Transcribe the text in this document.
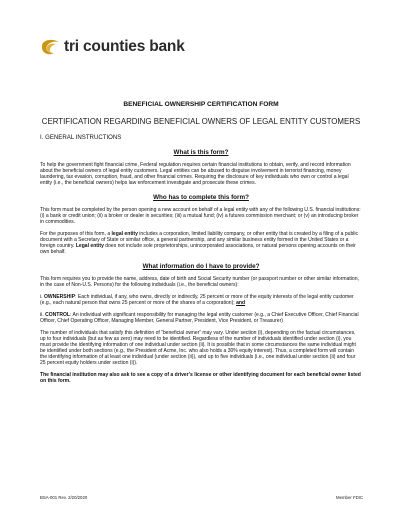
tri counties bank

BENEFICIAL OWNERSHIP CERTIFICATION FORM

CERTIFICATION REGARDING BENEFICIAL OWNERS OF LEGAL ENTITY CUSTOMERS

I. GENERAL INSTRUCTIONS

What is this form?

To help the government fight financial crime, Federal regulation requires certain financial institutions to obtain, verify, and record information about the beneficial owners of legal entity customers. Legal entities can be abused to disguise involvement in terrorist financing, money laundering, tax evasion, corruption, fraud, and other financial crimes. Requiring the disclosure of key individuals who own or control a legal entity (i.e., the beneficial owners) helps law enforcement investigate and prosecute these crimes.

Who has to complete this form?

This form must be completed by the person opening a new account on behalf of a legal entity with any of the following U.S. financial institutions: (i) a bank or credit union; (ii) a broker or dealer in securities; (iii) a mutual fund; (iv) a futures commission merchant; or (v) an introducing broker in commodities.

For the purposes of this form, a legal entity includes a corporation, limited liability company, or other entity that is created by a filing of a public document with a Secretary of State or similar office, a general partnership, and any similar business entity formed in the United States or a foreign country. Legal entity does not include sole proprietorships, unincorporated associations, or natural persons opening accounts on their own behalf.

What information do I have to provide?

This form requires you to provide the name, address, date of birth and Social Security number (or passport number or other similar information, in the case of Non-U.S. Persons) for the following individuals (i.e., the beneficial owners):

i. OWNERSHIP: Each individual, if any, who owns, directly or indirectly, 25 percent or more of the equity interests of the legal entity customer (e.g., each natural person that owns 25 percent or more of the shares of a corporation); and

ii. CONTROL: An individual with significant responsibility for managing the legal entity customer (e.g., a Chief Executive Officer, Chief Financial Officer, Chief Operating Officer, Managing Member, General Partner, President, Vice President, or Treasurer)

The number of individuals that satisfy this definition of “beneficial owner” may vary. Under section (i), depending on the factual circumstances, up to four individuals (but as few as zero) may need to be identified. Regardless of the number of individuals identified under section (i), you must provide the identifying information of one individual under section (ii). It is possible that in some circumstances the same individual might be identified under both sections (e.g., the President of Acme, Inc. who also holds a 30% equity interest). Thus, a completed form will contain the identifying information of at least one individual (under section (ii)), and up to five individuals (i.e., one individual under section (ii) and four 25 percent equity holders under section (i)).

The financial institution may also ask to see a copy of a driver’s license or other identifying document for each beneficial owner listed on this form.

BSA-001 Rev. 2/20/2020	Member FDIC
